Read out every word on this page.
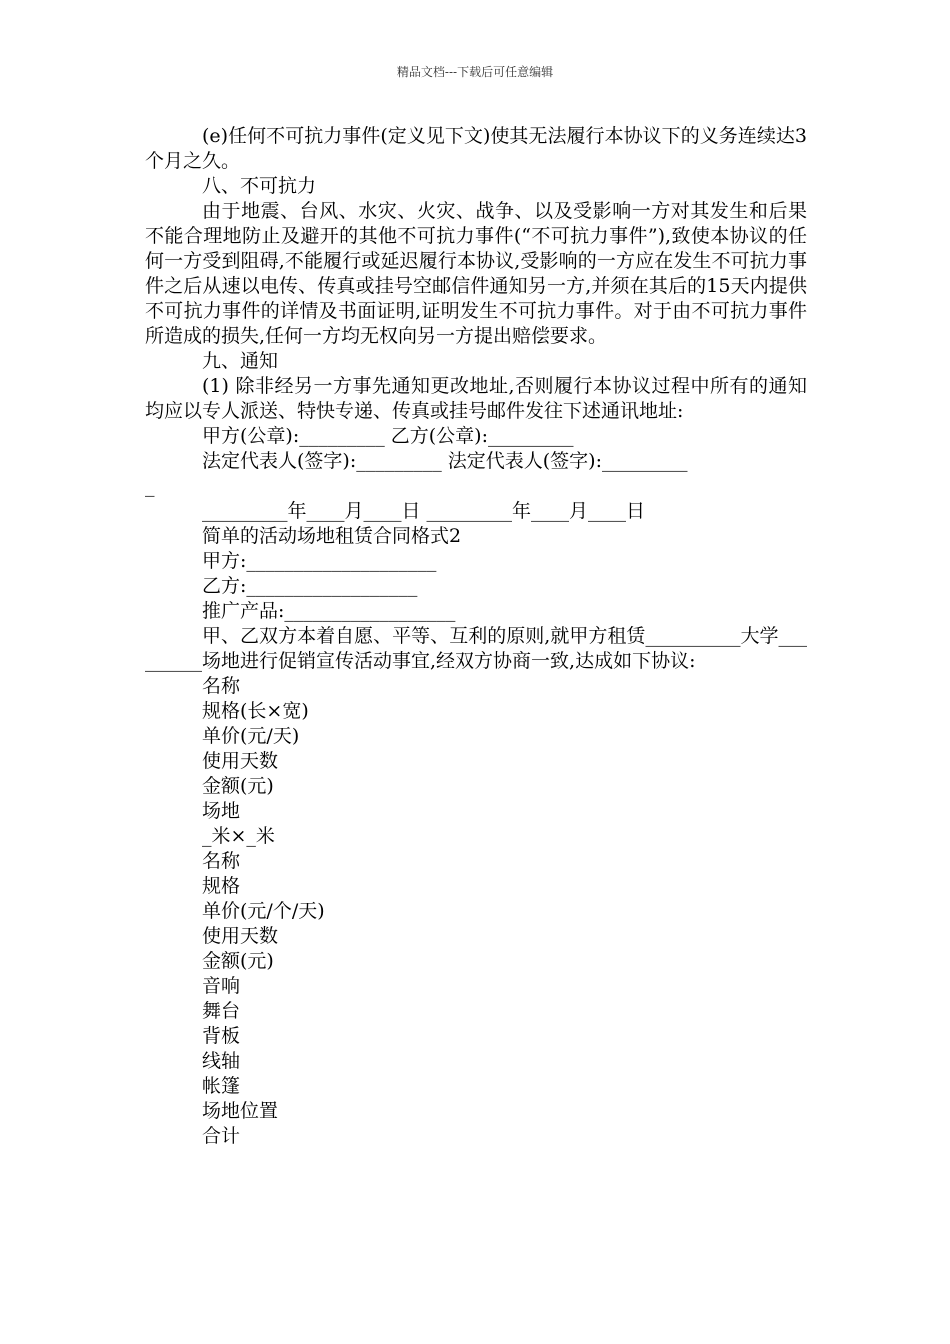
精品文档---下载后可任意编辑

(e)任何不可抗力事件(定义见下文)使其无法履行本协议下的义务连续达3个月之久。

八、不可抗力

由于地震、台风、水灾、火灾、战争、以及受影响一方对其发生和后果不能合理地防止及避开的其他不可抗力事件(“不可抗力事件”),致使本协议的任何一方受到阻碍,不能履行或延迟履行本协议,受影响的一方应在发生不可抗力事件之后从速以电传、传真或挂号空邮信件通知另一方,并须在其后的15天内提供不可抗力事件的详情及书面证明,证明发生不可抗力事件。对于由不可抗力事件所造成的损失,任何一方均无权向另一方提出赔偿要求。

九、通知

(1) 除非经另一方事先通知更改地址,否则履行本协议过程中所有的通知均应以专人派送、特快专递、传真或挂号邮件发往下述通讯地址:

甲方(公章):_________ 乙方(公章):_________

法定代表人(签字):_________ 法定代表人(签字):_________

_

_________年____月____日 _________年____月____日

简单的活动场地租赁合同格式2

甲方:____________________

乙方:__________________

推广产品:__________________

甲、乙双方本着自愿、平等、互利的原则,就甲方租赁__________大学_________场地进行促销宣传活动事宜,经双方协商一致,达成如下协议:

名称

规格(长×宽)

单价(元/天)

使用天数

金额(元)

场地

_米×_米

名称

规格

单价(元/个/天)

使用天数

金额(元)

音响

舞台

背板

线轴

帐篷

场地位置

合计
